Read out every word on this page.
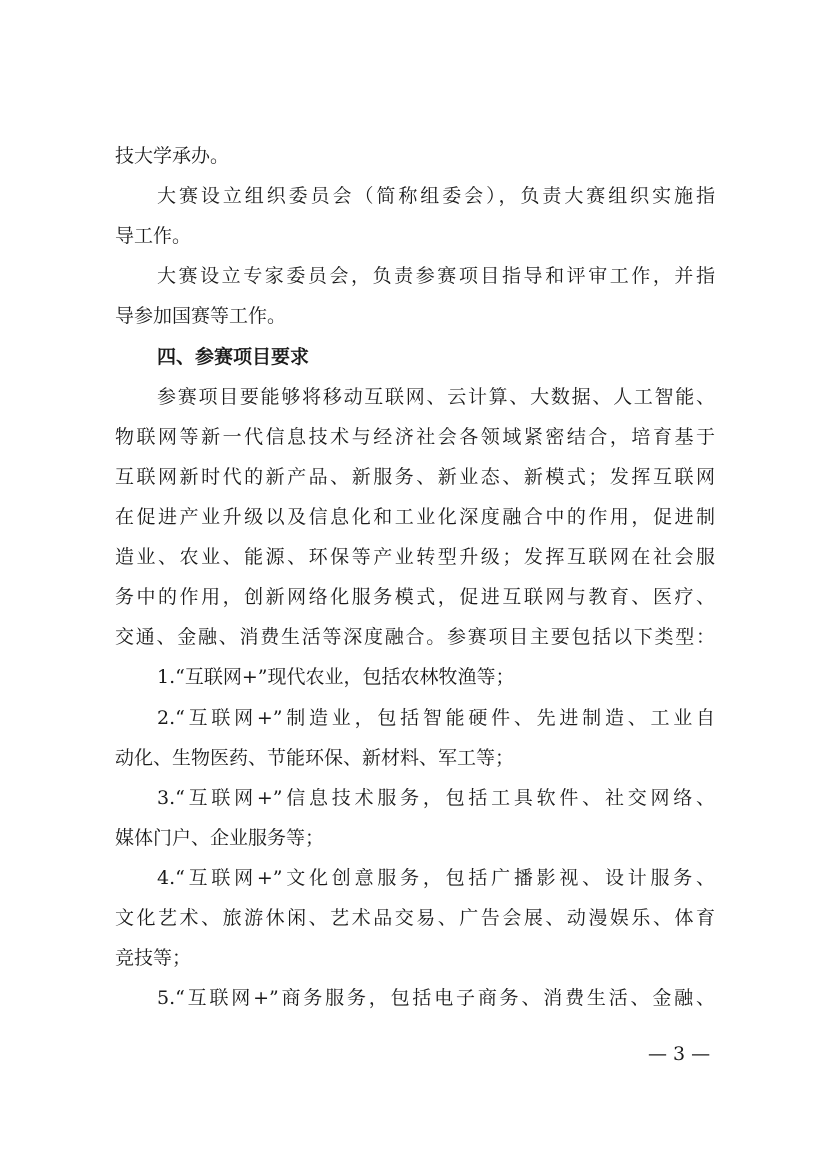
技大学承办。
大赛设立组织委员会（简称组委会），负责大赛组织实施指
导工作。
大赛设立专家委员会，负责参赛项目指导和评审工作，并指
导参加国赛等工作。
四、参赛项目要求
参赛项目要能够将移动互联网、云计算、大数据、人工智能、
物联网等新一代信息技术与经济社会各领域紧密结合，培育基于
互联网新时代的新产品、新服务、新业态、新模式；发挥互联网
在促进产业升级以及信息化和工业化深度融合中的作用，促进制
造业、农业、能源、环保等产业转型升级；发挥互联网在社会服
务中的作用，创新网络化服务模式，促进互联网与教育、医疗、
交通、金融、消费生活等深度融合。参赛项目主要包括以下类型：
1.“互联网+”现代农业，包括农林牧渔等；
2.“互联网+”制造业，包括智能硬件、先进制造、工业自
动化、生物医药、节能环保、新材料、军工等；
3.“互联网+”信息技术服务，包括工具软件、社交网络、
媒体门户、企业服务等；
4.“互联网+”文化创意服务，包括广播影视、设计服务、
文化艺术、旅游休闲、艺术品交易、广告会展、动漫娱乐、体育
竞技等；
5.“互联网+”商务服务，包括电子商务、消费生活、金融、
— 3 —
